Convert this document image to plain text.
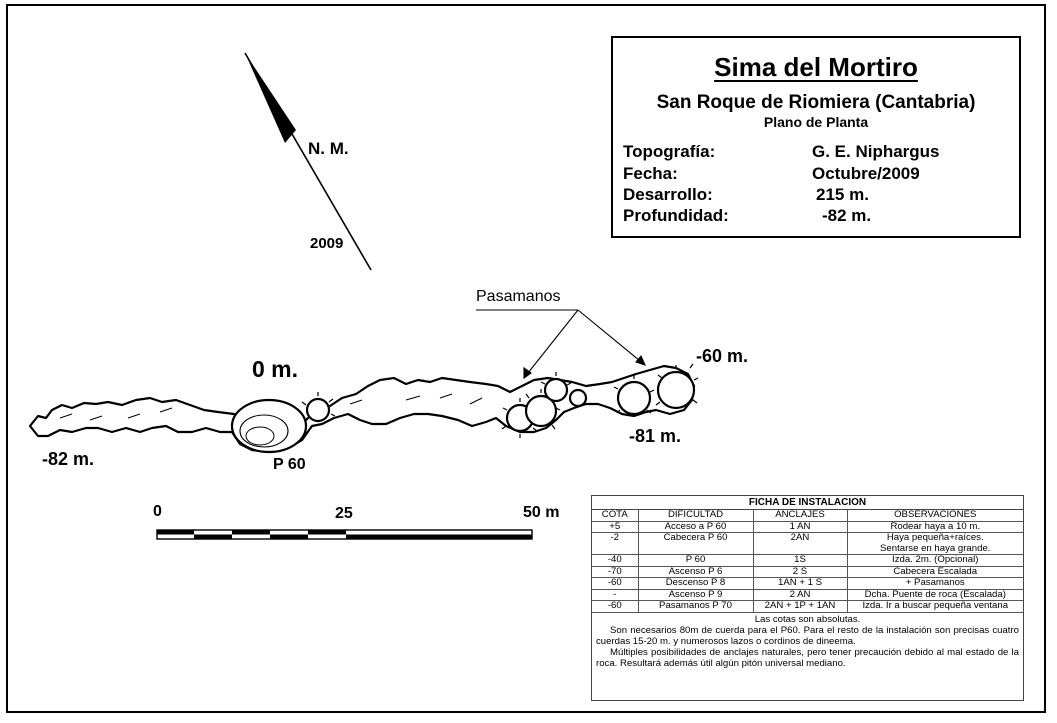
N. M.
2009
Sima del Mortiro
San Roque de Riomiera (Cantabria)
Plano de Planta
Topografía:	G. E. Niphargus
Fecha:	Octubre/2009
Desarrollo:	215 m.
Profundidad:	-82 m.
0 m.
P 60
-82 m.
Pasamanos
-60 m.
-81 m.
0	25	50 m
FICHA DE INSTALACION
COTA	DIFICULTAD	ANCLAJES	OBSERVACIONES
+5	Acceso a P 60	1 AN	Rodear haya a 10 m.
-2	Cabecera P 60	2AN	Haya pequeña+raíces.
Sentarse en haya grande.
-40	P 60	1S	Izda. 2m. (Opcional)
-70	Ascenso P 6	2 S	Cabecera Escalada
-60	Descenso P 8	1AN + 1 S	+ Pasamanos
-	Ascenso P 9	2 AN	Dcha. Puente de roca (Escalada)
-60	Pasamanos P 70	2AN + 1P + 1AN	Izda. Ir a buscar pequeña ventana
Las cotas son absolutas.

Son necesarios 80m de cuerda para el P60. Para el resto de la instalación son precisas cuatro cuerdas 15-20 m. y numerosos lazos o cordinos de dineema.

Múltiples posibilidades de anclajes naturales, pero tener precaución debido al mal estado de la roca. Resultará además útil algún pitón universal mediano.
